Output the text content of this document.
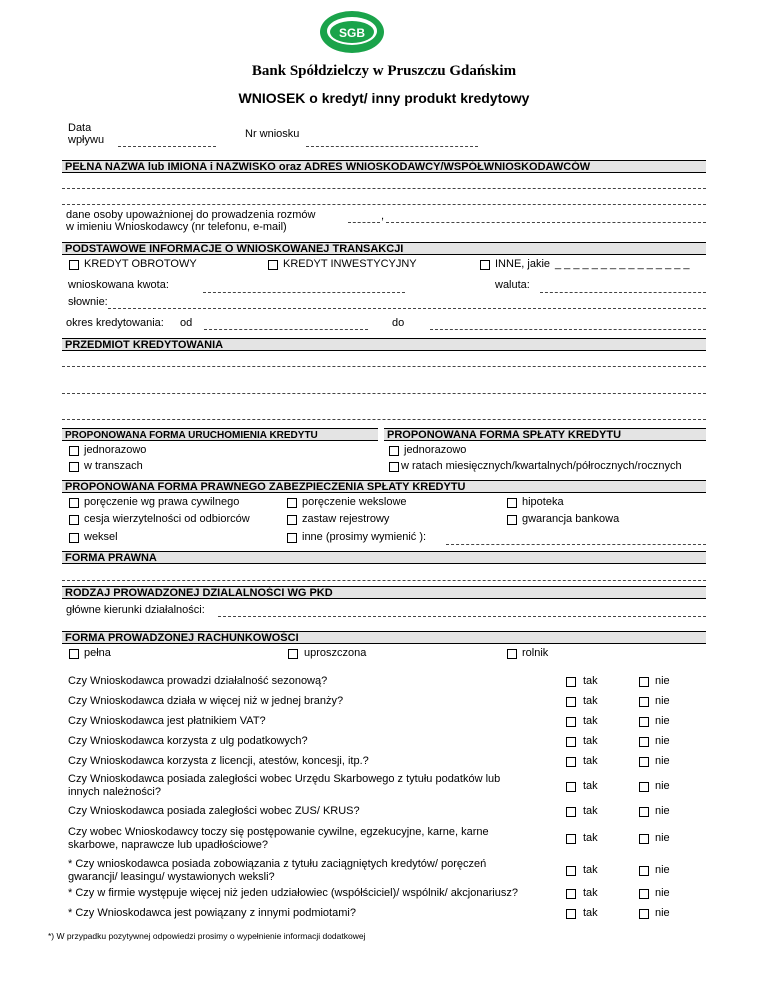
SGB
Bank Spółdzielczy w Pruszczu Gdańskim
WNIOSEK o kredyt/ inny produkt kredytowy
Data
wpływu	Nr wniosku
PEŁNA NAZWA lub IMIONA i NAZWISKO oraz ADRES WNIOSKODAWCY/WSPÓŁWNIOSKODAWCÓW
dane osoby upoważnionej do prowadzenia rozmów
w imieniu Wnioskodawcy (nr telefonu, e-mail)
,
PODSTAWOWE INFORMACJE O WNIOSKOWANEJ TRANSAKCJI
KREDYT OBROTOWY	KREDYT INWESTYCYJNY	INNE, jakie _ _ _ _ _ _ _ _ _ _ _ _ _ _ _
wnioskowana kwota:	waluta:
słownie:
okres kredytowania: od	do
PRZEDMIOT KREDYTOWANIA
PROPONOWANA FORMA URUCHOMIENIA KREDYTU	PROPONOWANA FORMA SPŁATY KREDYTU
jednorazowo
w transzach
jednorazowo
w ratach miesięcznych/kwartalnych/półrocznych/rocznych
PROPONOWANA FORMA PRAWNEGO ZABEZPIECZENIA SPŁATY KREDYTU
poręczenie wg prawa cywilnego	poręczenie wekslowe	hipoteka
cesja wierzytelności od odbiorców	zastaw rejestrowy	gwarancja bankowa
weksel	inne (prosimy wymienić ):
FORMA PRAWNA
RODZAJ PROWADZONEJ DZIALALNOŚCI WG PKD
główne kierunki działalności:
FORMA PROWADZONEJ RACHUNKOWOŚCI
pełna	uproszczona	rolnik
Czy Wnioskodawca prowadzi działalność sezonową?	tak	nie
Czy Wnioskodawca działa w więcej niż w jednej branży?	tak	nie
Czy Wnioskodawca jest płatnikiem VAT?	tak	nie
Czy Wnioskodawca korzysta z ulg podatkowych?	tak	nie
Czy Wnioskodawca korzysta z licencji, atestów, koncesji, itp.?	tak	nie
Czy Wnioskodawca posiada zaległości wobec Urzędu Skarbowego z tytułu podatków lub
innych należności?	tak	nie
Czy Wnioskodawca posiada zaległości wobec ZUS/ KRUS?	tak	nie
Czy wobec Wnioskodawcy toczy się postępowanie cywilne, egzekucyjne, karne, karne
skarbowe, naprawcze lub upadłościowe?
tak	nie
* Czy wnioskodawca posiada zobowiązania z tytułu zaciągniętych kredytów/ poręczeń
gwarancji/ leasingu/ wystawionych weksli?
tak	nie
* Czy w firmie występuje więcej niż jeden udziałowiec (współściciel)/ wspólnik/ akcjonariusz?	tak	nie
* Czy Wnioskodawca jest powiązany z innymi podmiotami?	tak	nie
*) W przypadku pozytywnej odpowiedzi prosimy o wypełnienie informacji dodatkowej
